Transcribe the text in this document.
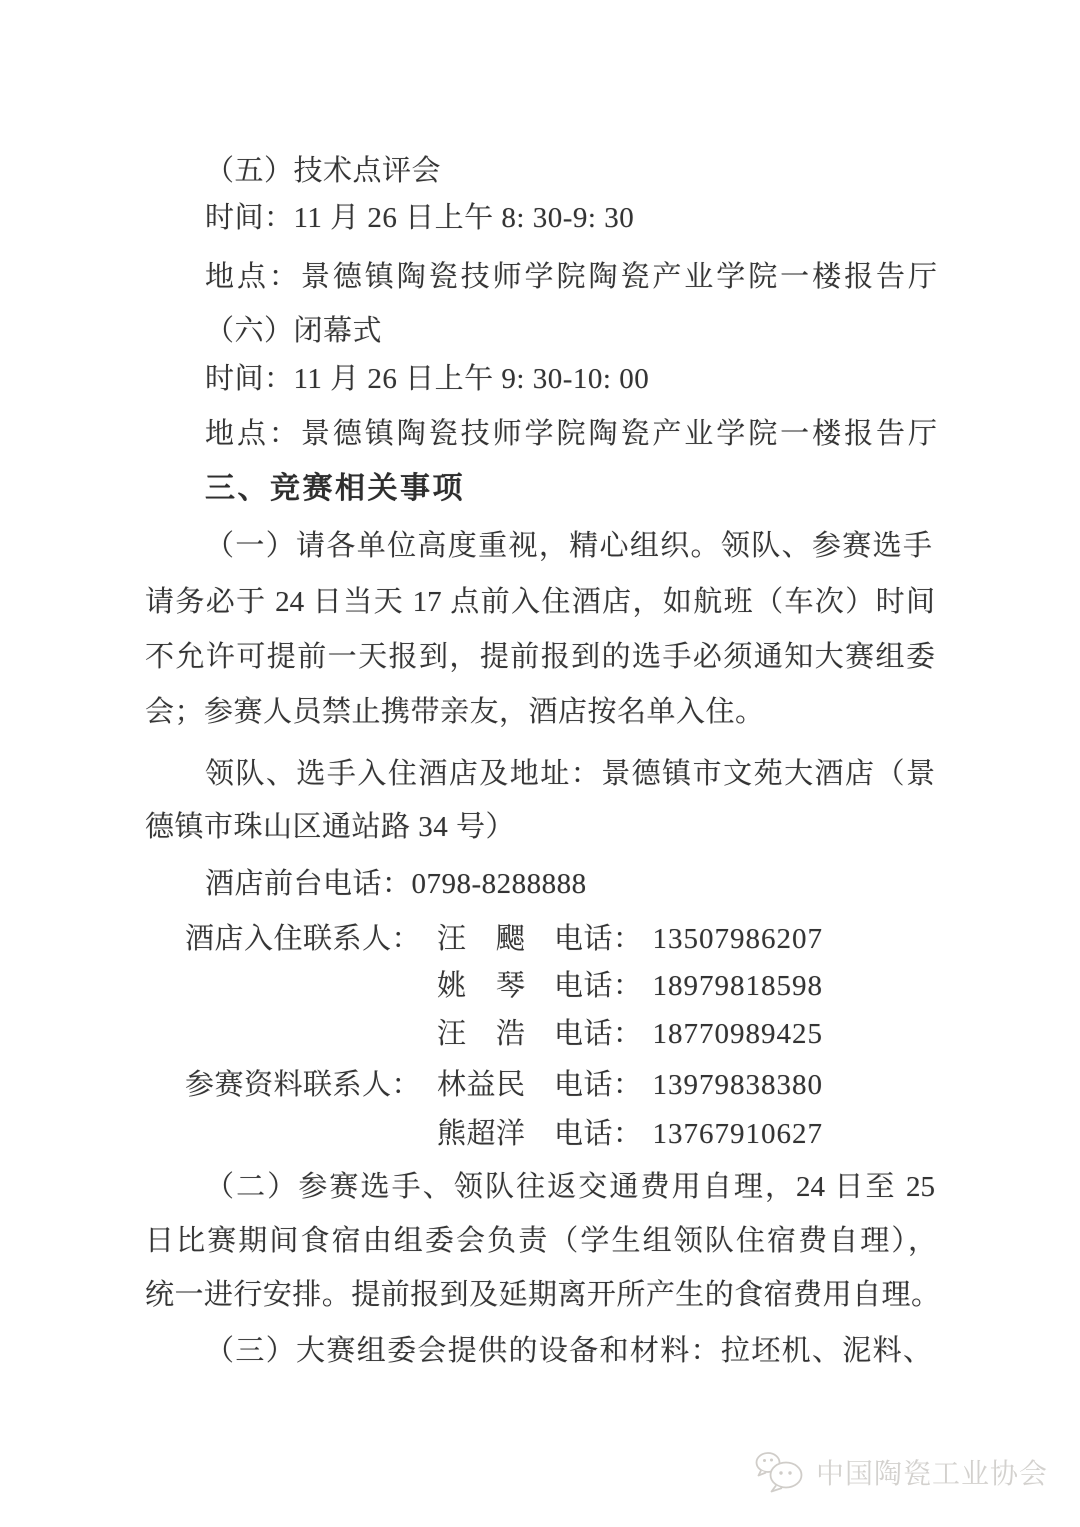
（五）技术点评会
时间：11 月 26 日上午 8: 30-9: 30
地点：景德镇陶瓷技师学院陶瓷产业学院一楼报告厅
（六）闭幕式
时间：11 月 26 日上午 9: 30-10: 00
地点：景德镇陶瓷技师学院陶瓷产业学院一楼报告厅
三、竞赛相关事项
（一）请各单位高度重视，精心组织。领队、参赛选手
请务必于 24 日当天 17 点前入住酒店，如航班（车次）时间
不允许可提前一天报到，提前报到的选手必须通知大赛组委
会；参赛人员禁止携带亲友，酒店按名单入住。
领队、选手入住酒店及地址：景德镇市文苑大酒店（景
德镇市珠山区通站路 34 号）
酒店前台电话：0798-8288888
酒店入住联系人： 汪　颸 电话： 13507986207
姚　琴 电话： 18979818598
汪　浩 电话： 18770989425
参赛资料联系人： 林益民 电话： 13979838380
熊超洋 电话： 13767910627
（二）参赛选手、领队往返交通费用自理，24 日至 25
日比赛期间食宿由组委会负责（学生组领队住宿费自理），
统一进行安排。提前报到及延期离开所产生的食宿费用自理。
（三）大赛组委会提供的设备和材料：拉坯机、泥料、
中国陶瓷工业协会
